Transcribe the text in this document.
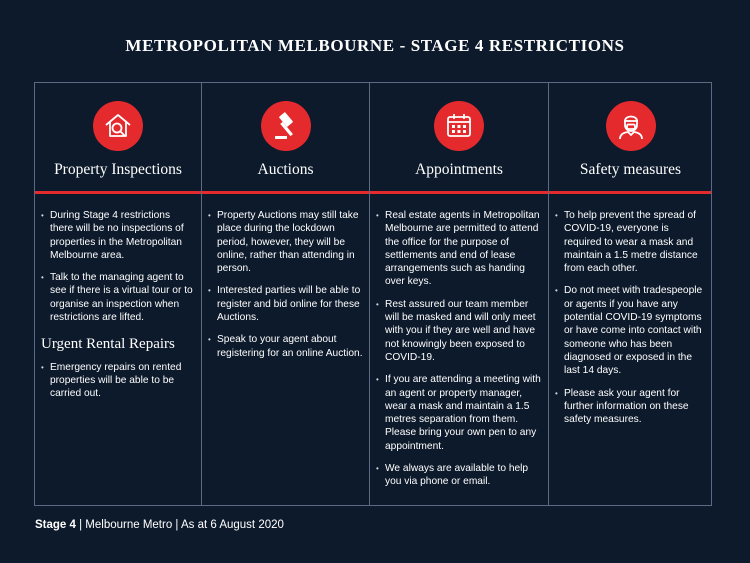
METROPOLITAN MELBOURNE - STAGE 4 RESTRICTIONS
Property Inspections
• During Stage 4 restrictions there will be no inspections of properties in the Metropolitan Melbourne area.
• Talk to the managing agent to see if there is a virtual tour or to organise an inspection when restrictions are lifted.
Urgent Rental Repairs
• Emergency repairs on rented properties will be able to be carried out.
Auctions
• Property Auctions may still take place during the lockdown period, however, they will be online, rather than attending in person.
• Interested parties will be able to register and bid online for these Auctions.
• Speak to your agent about registering for an online Auction.
Appointments
• Real estate agents in Metropolitan Melbourne are permitted to attend the office for the purpose of settlements and end of lease arrangements such as handing over keys.
• Rest assured our team member will be masked and will only meet with you if they are well and have not knowingly been exposed to COVID-19.
• If you are attending a meeting with an agent or property manager, wear a mask and maintain a 1.5 metres separation from them. Please bring your own pen to any appointment.
• We always are available to help you via phone or email.
Safety measures
• To help prevent the spread of COVID-19, everyone is required to wear a mask and maintain a 1.5 metre distance from each other.
• Do not meet with tradespeople or agents if you have any potential COVID-19 symptoms or have come into contact with someone who has been diagnosed or exposed in the last 14 days.
• Please ask your agent for further information on these safety measures.
Stage 4 | Melbourne Metro | As at 6 August 2020
